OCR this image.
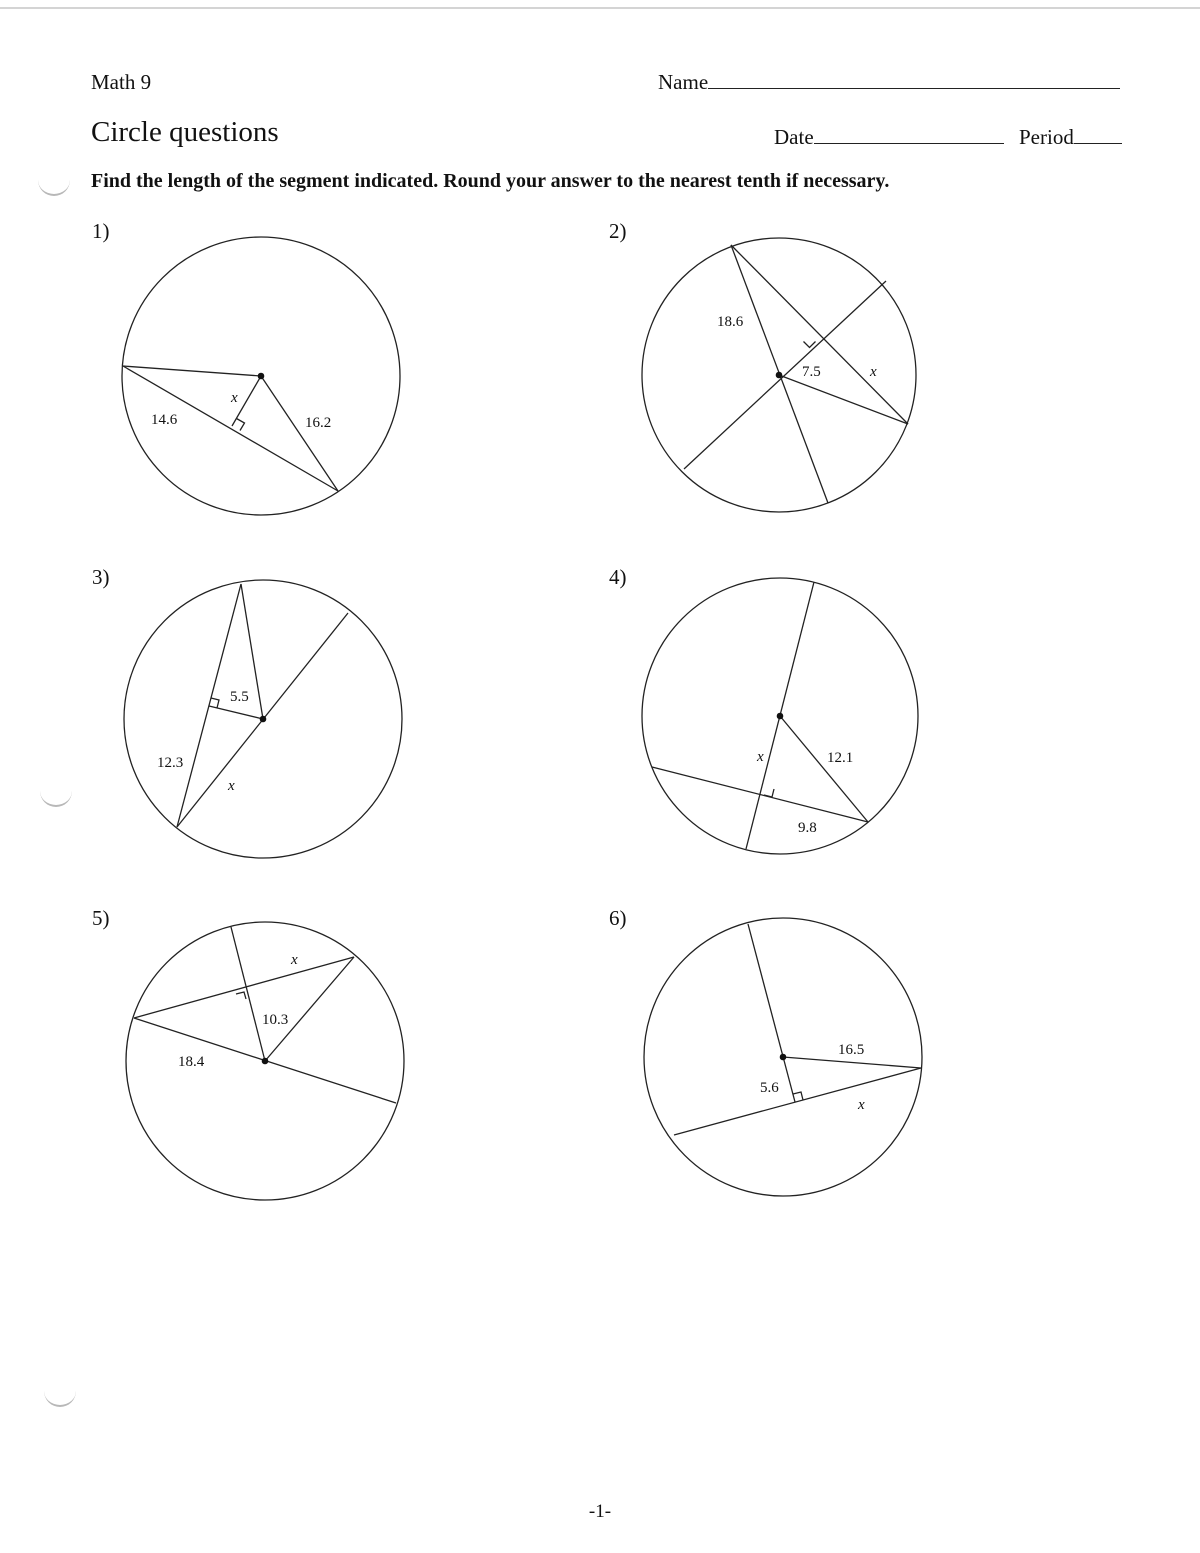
Math 9
Circle questions
Name
Date	Period
Find the length of the segment indicated. Round your answer to the nearest tenth if necessary.
1)	2)
3)	4)
5)	6)
14.6	16.2
x
18.6
7.5	x
5.5
12.3
x
12.1
9.8
x
10.3
18.4
x
16.5
5.6
x
-1-
